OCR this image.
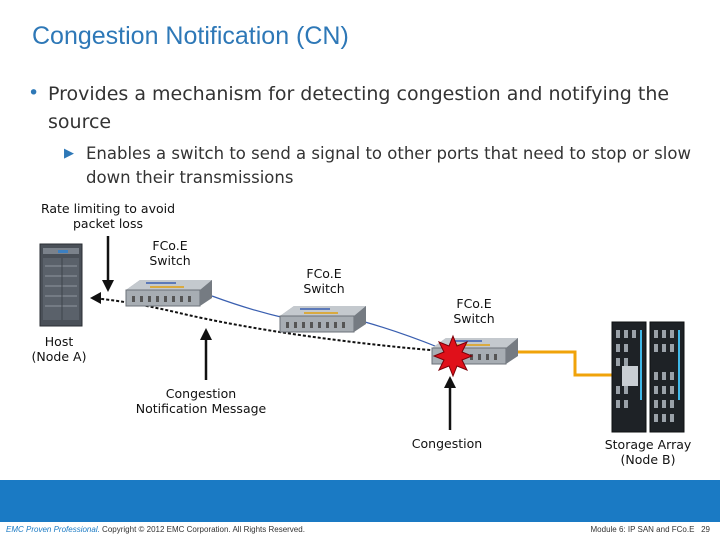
Congestion Notification (CN)
• Provides a mechanism for detecting congestion and notifying the source
▶ Enables a switch to send a signal to other ports that need to stop or slow down their transmissions
Rate limiting to avoid
packet loss
FCo.E
Switch
FCo.E
Switch
FCo.E
Switch
Host
(Node A)
Congestion
Notification Message
Congestion	Storage Array
(Node B)
EMC Proven Professional. Copyright © 2012 EMC Corporation. All Rights Reserved.	Module 6: IP SAN and FCo.E 29
